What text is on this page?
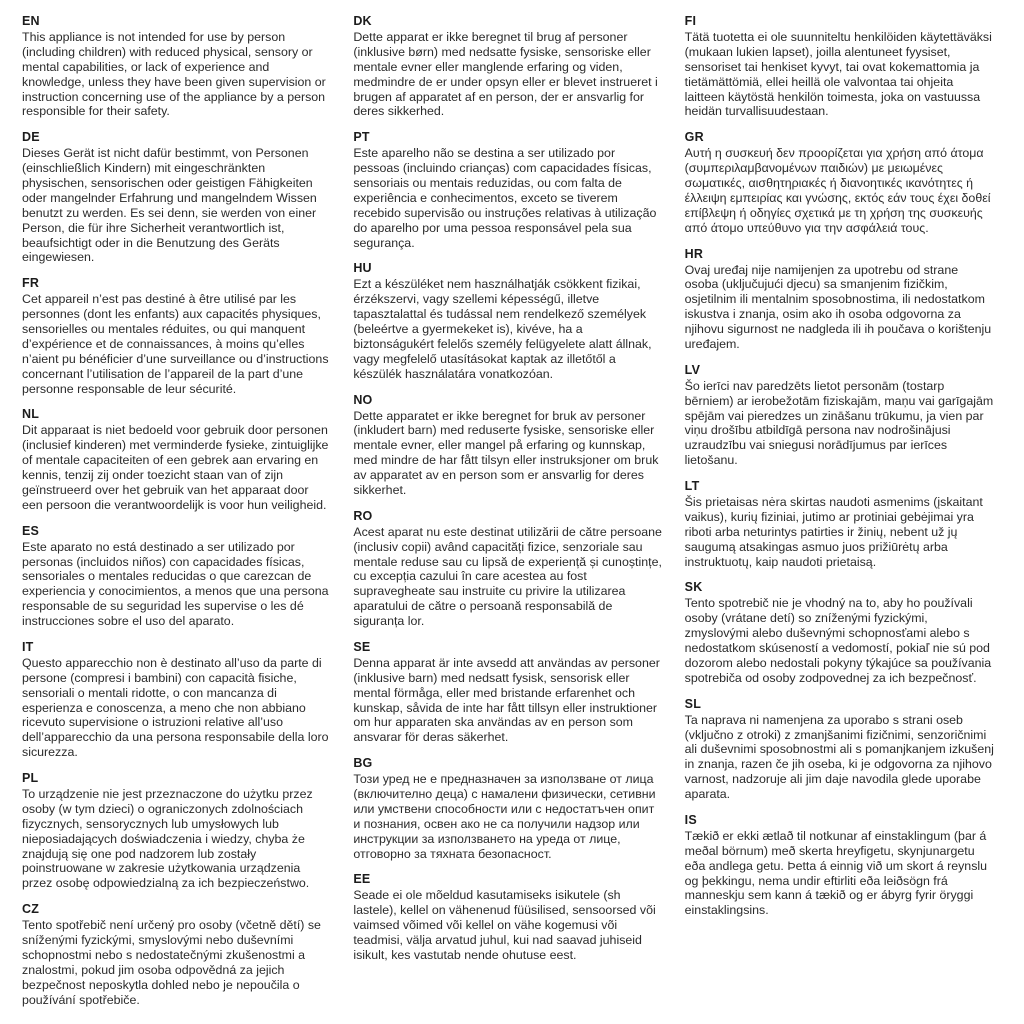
EN

This appliance is not intended for use by person (including children) with reduced physical, sensory or mental capabilities, or lack of experience and knowledge, unless they have been given supervision or instruction concerning use of the appliance by a person responsible for their safety.

DE

Dieses Gerät ist nicht dafür bestimmt, von Personen (einschließlich Kindern) mit eingeschränkten physischen, sensorischen oder geistigen Fähigkeiten oder mangelnder Erfahrung und mangelndem Wissen benutzt zu werden. Es sei denn, sie werden von einer Person, die für ihre Sicherheit verantwortlich ist, beaufsichtigt oder in die Benutzung des Geräts eingewiesen.

FR

Cet appareil n’est pas destiné à être utilisé par les personnes (dont les enfants) aux capacités physiques, sensorielles ou mentales réduites, ou qui manquent d’expérience et de connaissances, à moins qu’elles n’aient pu bénéficier d’une surveillance ou d’instructions concernant l’utilisation de l’appareil de la part d’une personne responsable de leur sécurité.

NL

Dit apparaat is niet bedoeld voor gebruik door personen (inclusief kinderen) met verminderde fysieke, zintuiglijke of mentale capaciteiten of een gebrek aan ervaring en kennis, tenzij zij onder toezicht staan van of zijn geïnstrueerd over het gebruik van het apparaat door een persoon die verantwoordelijk is voor hun veiligheid.

ES

Este aparato no está destinado a ser utilizado por personas (incluidos niños) con capacidades físicas, sensoriales o mentales reducidas o que carezcan de experiencia y conocimientos, a menos que una persona responsable de su seguridad les supervise o les dé instrucciones sobre el uso del aparato.

IT

Questo apparecchio non è destinato all’uso da parte di persone (compresi i bambini) con capacità fisiche, sensoriali o mentali ridotte, o con mancanza di esperienza e conoscenza, a meno che non abbiano ricevuto supervisione o istruzioni relative all’uso dell’apparecchio da una persona responsabile della loro sicurezza.

PL

To urządzenie nie jest przeznaczone do użytku przez osoby (w tym dzieci) o ograniczonych zdolnościach fizycznych, sensorycznych lub umysłowych lub nieposiadających doświadczenia i wiedzy, chyba że znajdują się one pod nadzorem lub zostały poinstruowane w zakresie użytkowania urządzenia przez osobę odpowiedzialną za ich bezpieczeństwo.

CZ

Tento spotřebič není určený pro osoby (včetně dětí) se sníženými fyzickými, smyslovými nebo duševními schopnostmi nebo s nedostatečnými zkušenostmi a znalostmi, pokud jim osoba odpovědná za jejich bezpečnost neposkytla dohled nebo je nepoučila o používání spotřebiče.

DK

Dette apparat er ikke beregnet til brug af personer (inklusive børn) med nedsatte fysiske, sensoriske eller mentale evner eller manglende erfaring og viden, medmindre de er under opsyn eller er blevet instrueret i brugen af apparatet af en person, der er ansvarlig for deres sikkerhed.

PT

Este aparelho não se destina a ser utilizado por pessoas (incluindo crianças) com capacidades físicas, sensoriais ou mentais reduzidas, ou com falta de experiência e conhecimentos, exceto se tiverem recebido supervisão ou instruções relativas à utilização do aparelho por uma pessoa responsável pela sua segurança.

HU

Ezt a készüléket nem használhatják csökkent fizikai, érzékszervi, vagy szellemi képességű, illetve tapasztalattal és tudással nem rendelkező személyek (beleértve a gyermekeket is), kivéve, ha a biztonságukért felelős személy felügyelete alatt állnak, vagy megfelelő utasításokat kaptak az illetőtől a készülék használatára vonatkozóan.

NO

Dette apparatet er ikke beregnet for bruk av personer (inkludert barn) med reduserte fysiske, sensoriske eller mentale evner, eller mangel på erfaring og kunnskap, med mindre de har fått tilsyn eller instruksjoner om bruk av apparatet av en person som er ansvarlig for deres sikkerhet.

RO

Acest aparat nu este destinat utilizării de către persoane (inclusiv copii) având capacități fizice, senzoriale sau mentale reduse sau cu lipsă de experiență și cunoștințe, cu excepția cazului în care acestea au fost supravegheate sau instruite cu privire la utilizarea aparatului de către o persoană responsabilă de siguranța lor.

SE

Denna apparat är inte avsedd att användas av personer (inklusive barn) med nedsatt fysisk, sensorisk eller mental förmåga, eller med bristande erfarenhet och kunskap, såvida de inte har fått tillsyn eller instruktioner om hur apparaten ska användas av en person som ansvarar för deras säkerhet.

BG

Този уред не е предназначен за използване от лица (включително деца) с намалени физически, сетивни или умствени способности или с недостатъчен опит и познания, освен ако не са получили надзор или инструкции за използването на уреда от лице, отговорно за тяхната безопасност.

EE

Seade ei ole mõeldud kasutamiseks isikutele (sh lastele), kellel on vähenenud füüsilised, sensoorsed või vaimsed võimed või kellel on vähe kogemusi või teadmisi, välja arvatud juhul, kui nad saavad juhiseid isikult, kes vastutab nende ohutuse eest.

FI

Tätä tuotetta ei ole suunniteltu henkilöiden käytettäväksi (mukaan lukien lapset), joilla alentuneet fyysiset, sensoriset tai henkiset kyvyt, tai ovat kokemattomia ja tietämättömiä, ellei heillä ole valvontaa tai ohjeita laitteen käytöstä henkilön toimesta, joka on vastuussa heidän turvallisuudestaan.

GR

Αυτή η συσκευή δεν προορίζεται για χρήση από άτομα (συμπεριλαμβανομένων παιδιών) με μειωμένες σωματικές, αισθητηριακές ή διανοητικές ικανότητες ή έλλειψη εμπειρίας και γνώσης, εκτός εάν τους έχει δοθεί επίβλεψη ή οδηγίες σχετικά με τη χρήση της συσκευής από άτομο υπεύθυνο για την ασφάλειά τους.

HR

Ovaj uređaj nije namijenjen za upotrebu od strane osoba (uključujući djecu) sa smanjenim fizičkim, osjetilnim ili mentalnim sposobnostima, ili nedostatkom iskustva i znanja, osim ako ih osoba odgovorna za njihovu sigurnost ne nadgleda ili ih poučava o korištenju uređajem.

LV

Šo ierīci nav paredzēts lietot personām (tostarp bērniem) ar ierobežotām fiziskajām, maņu vai garīgajām spējām vai pieredzes un zināšanu trūkumu, ja vien par viņu drošību atbildīgā persona nav nodrošinājusi uzraudzību vai sniegusi norādījumus par ierīces lietošanu.

LT

Šis prietaisas nėra skirtas naudoti asmenims (įskaitant vaikus), kurių fiziniai, jutimo ar protiniai gebėjimai yra riboti arba neturintys patirties ir žinių, nebent už jų saugumą atsakingas asmuo juos prižiūrėtų arba instruktuotų, kaip naudoti prietaisą.

SK

Tento spotrebič nie je vhodný na to, aby ho používali osoby (vrátane detí) so zníženými fyzickými, zmyslovými alebo duševnými schopnosťami alebo s nedostatkom skúseností a vedomostí, pokiaľ nie sú pod dozorom alebo nedostali pokyny týkajúce sa používania spotrebiča od osoby zodpovednej za ich bezpečnosť.

SL

Ta naprava ni namenjena za uporabo s strani oseb (vključno z otroki) z zmanjšanimi fizičnimi, senzoričnimi ali duševnimi sposobnostmi ali s pomanjkanjem izkušenj in znanja, razen če jih oseba, ki je odgovorna za njihovo varnost, nadzoruje ali jim daje navodila glede uporabe aparata.

IS

Tækið er ekki ætlað til notkunar af einstaklingum (þar á meðal börnum) með skerta hreyfigetu, skynjunargetu eða andlega getu. Þetta á einnig við um skort á reynslu og þekkingu, nema undir eftirliti eða leiðsögn frá manneskju sem kann á tækið og er ábyrg fyrir öryggi einstaklingsins.
